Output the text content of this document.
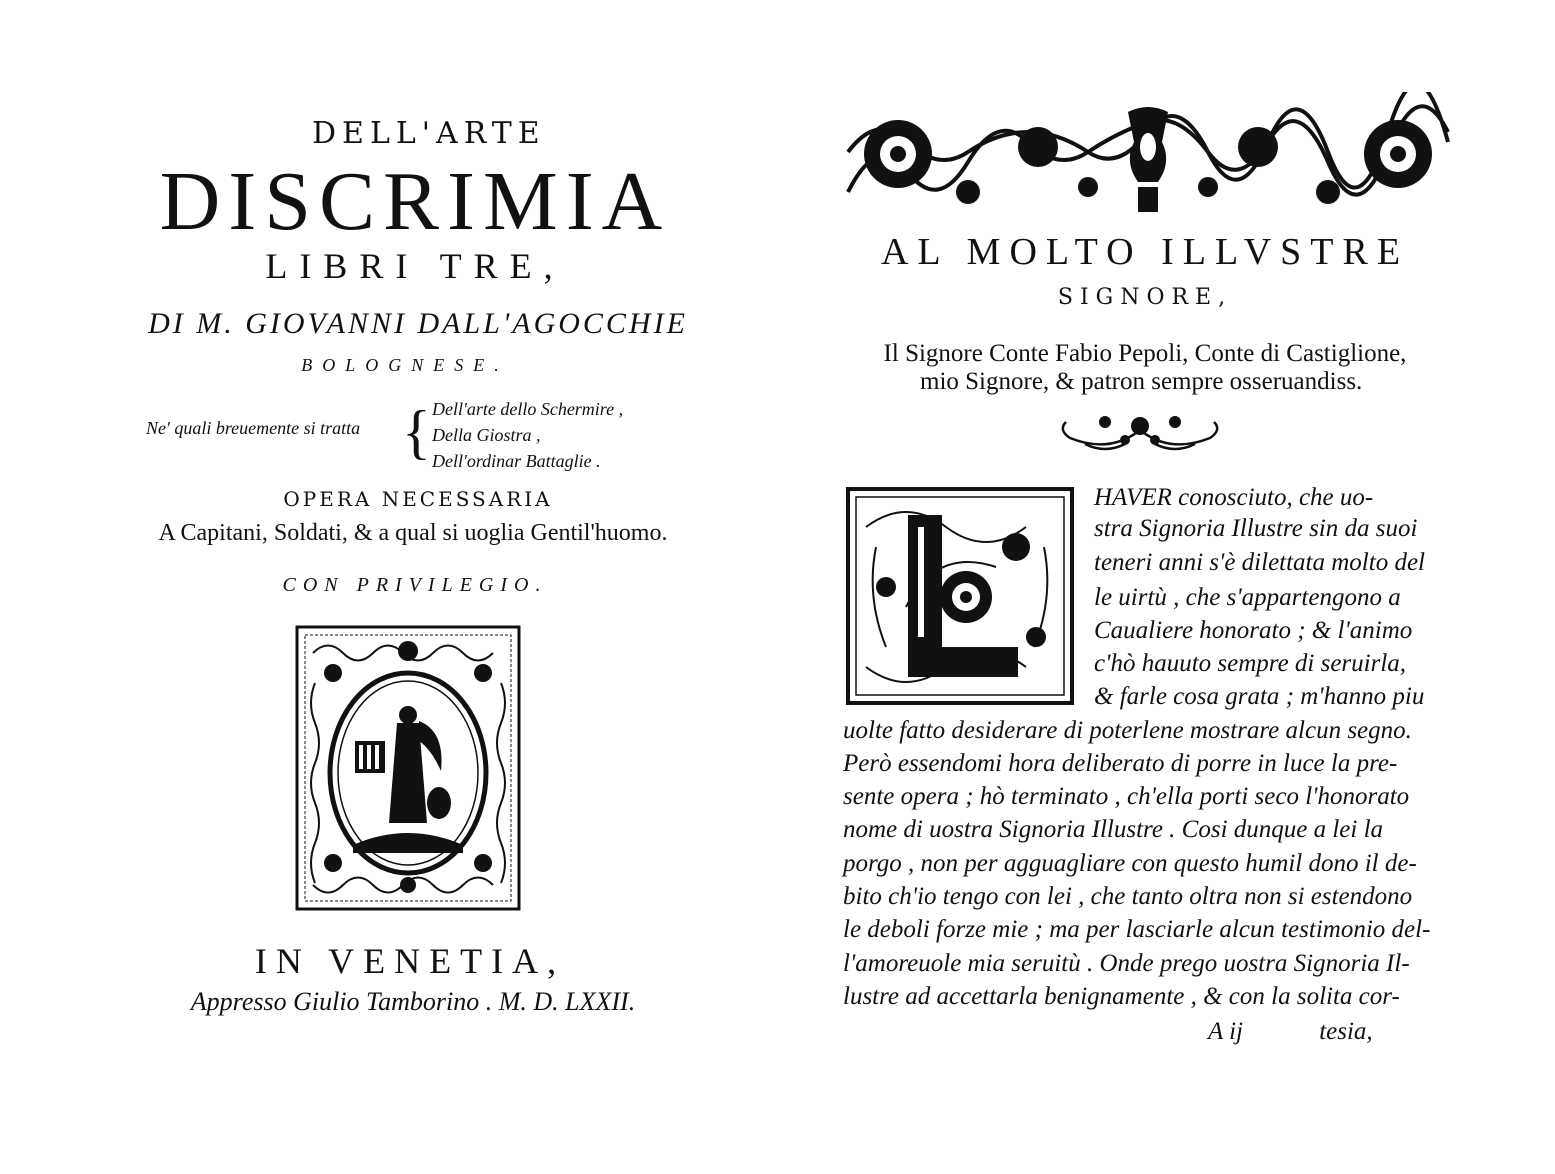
DELL'ARTE
DISCRIMIA
LIBRI TRE,
DI M. GIOVANNI DALL'AGOCCHIE
BOLOGNESE.
Ne' quali breuemente si tratta { Dell'arte dello Schermire ,
Della Giostra ,
Dell'ordinar Battaglie .
OPERA NECESSARIA
A Capitani, Soldati, & a qual si uoglia Gentil'huomo.
CON PRIVILEGIO.
IN VENETIA,
Appresso Giulio Tamborino . M. D. LXXII.
AL MOLTO ILLVSTRE
SIGNORE,
Il Signore Conte Fabio Pepoli, Conte di Castiglione,
mio Signore, & patron sempre osseruandiss.
HAVER conosciuto, che uo-
stra Signoria Illustre sin da suoi
teneri anni s'è dilettata molto del
le uirtù , che s'appartengono a
Caualiere honorato ; & l'animo
c'hò hauuto sempre di seruirla,
& farle cosa grata ; m'hanno piu
uolte fatto desiderare di poterlene mostrare alcun segno.
Però essendomi hora deliberato di porre in luce la pre-
sente opera ; hò terminato , ch'ella porti seco l'honorato
nome di uostra Signoria Illustre . Cosi dunque a lei la
porgo , non per agguagliare con questo humil dono il de-
bito ch'io tengo con lei , che tanto oltra non si estendono
le deboli forze mie ; ma per lasciarle alcun testimonio del-
l'amoreuole mia seruitù . Onde prego uostra Signoria Il-
lustre ad accettarla benignamente , & con la solita cor-
A ij	tesia,
